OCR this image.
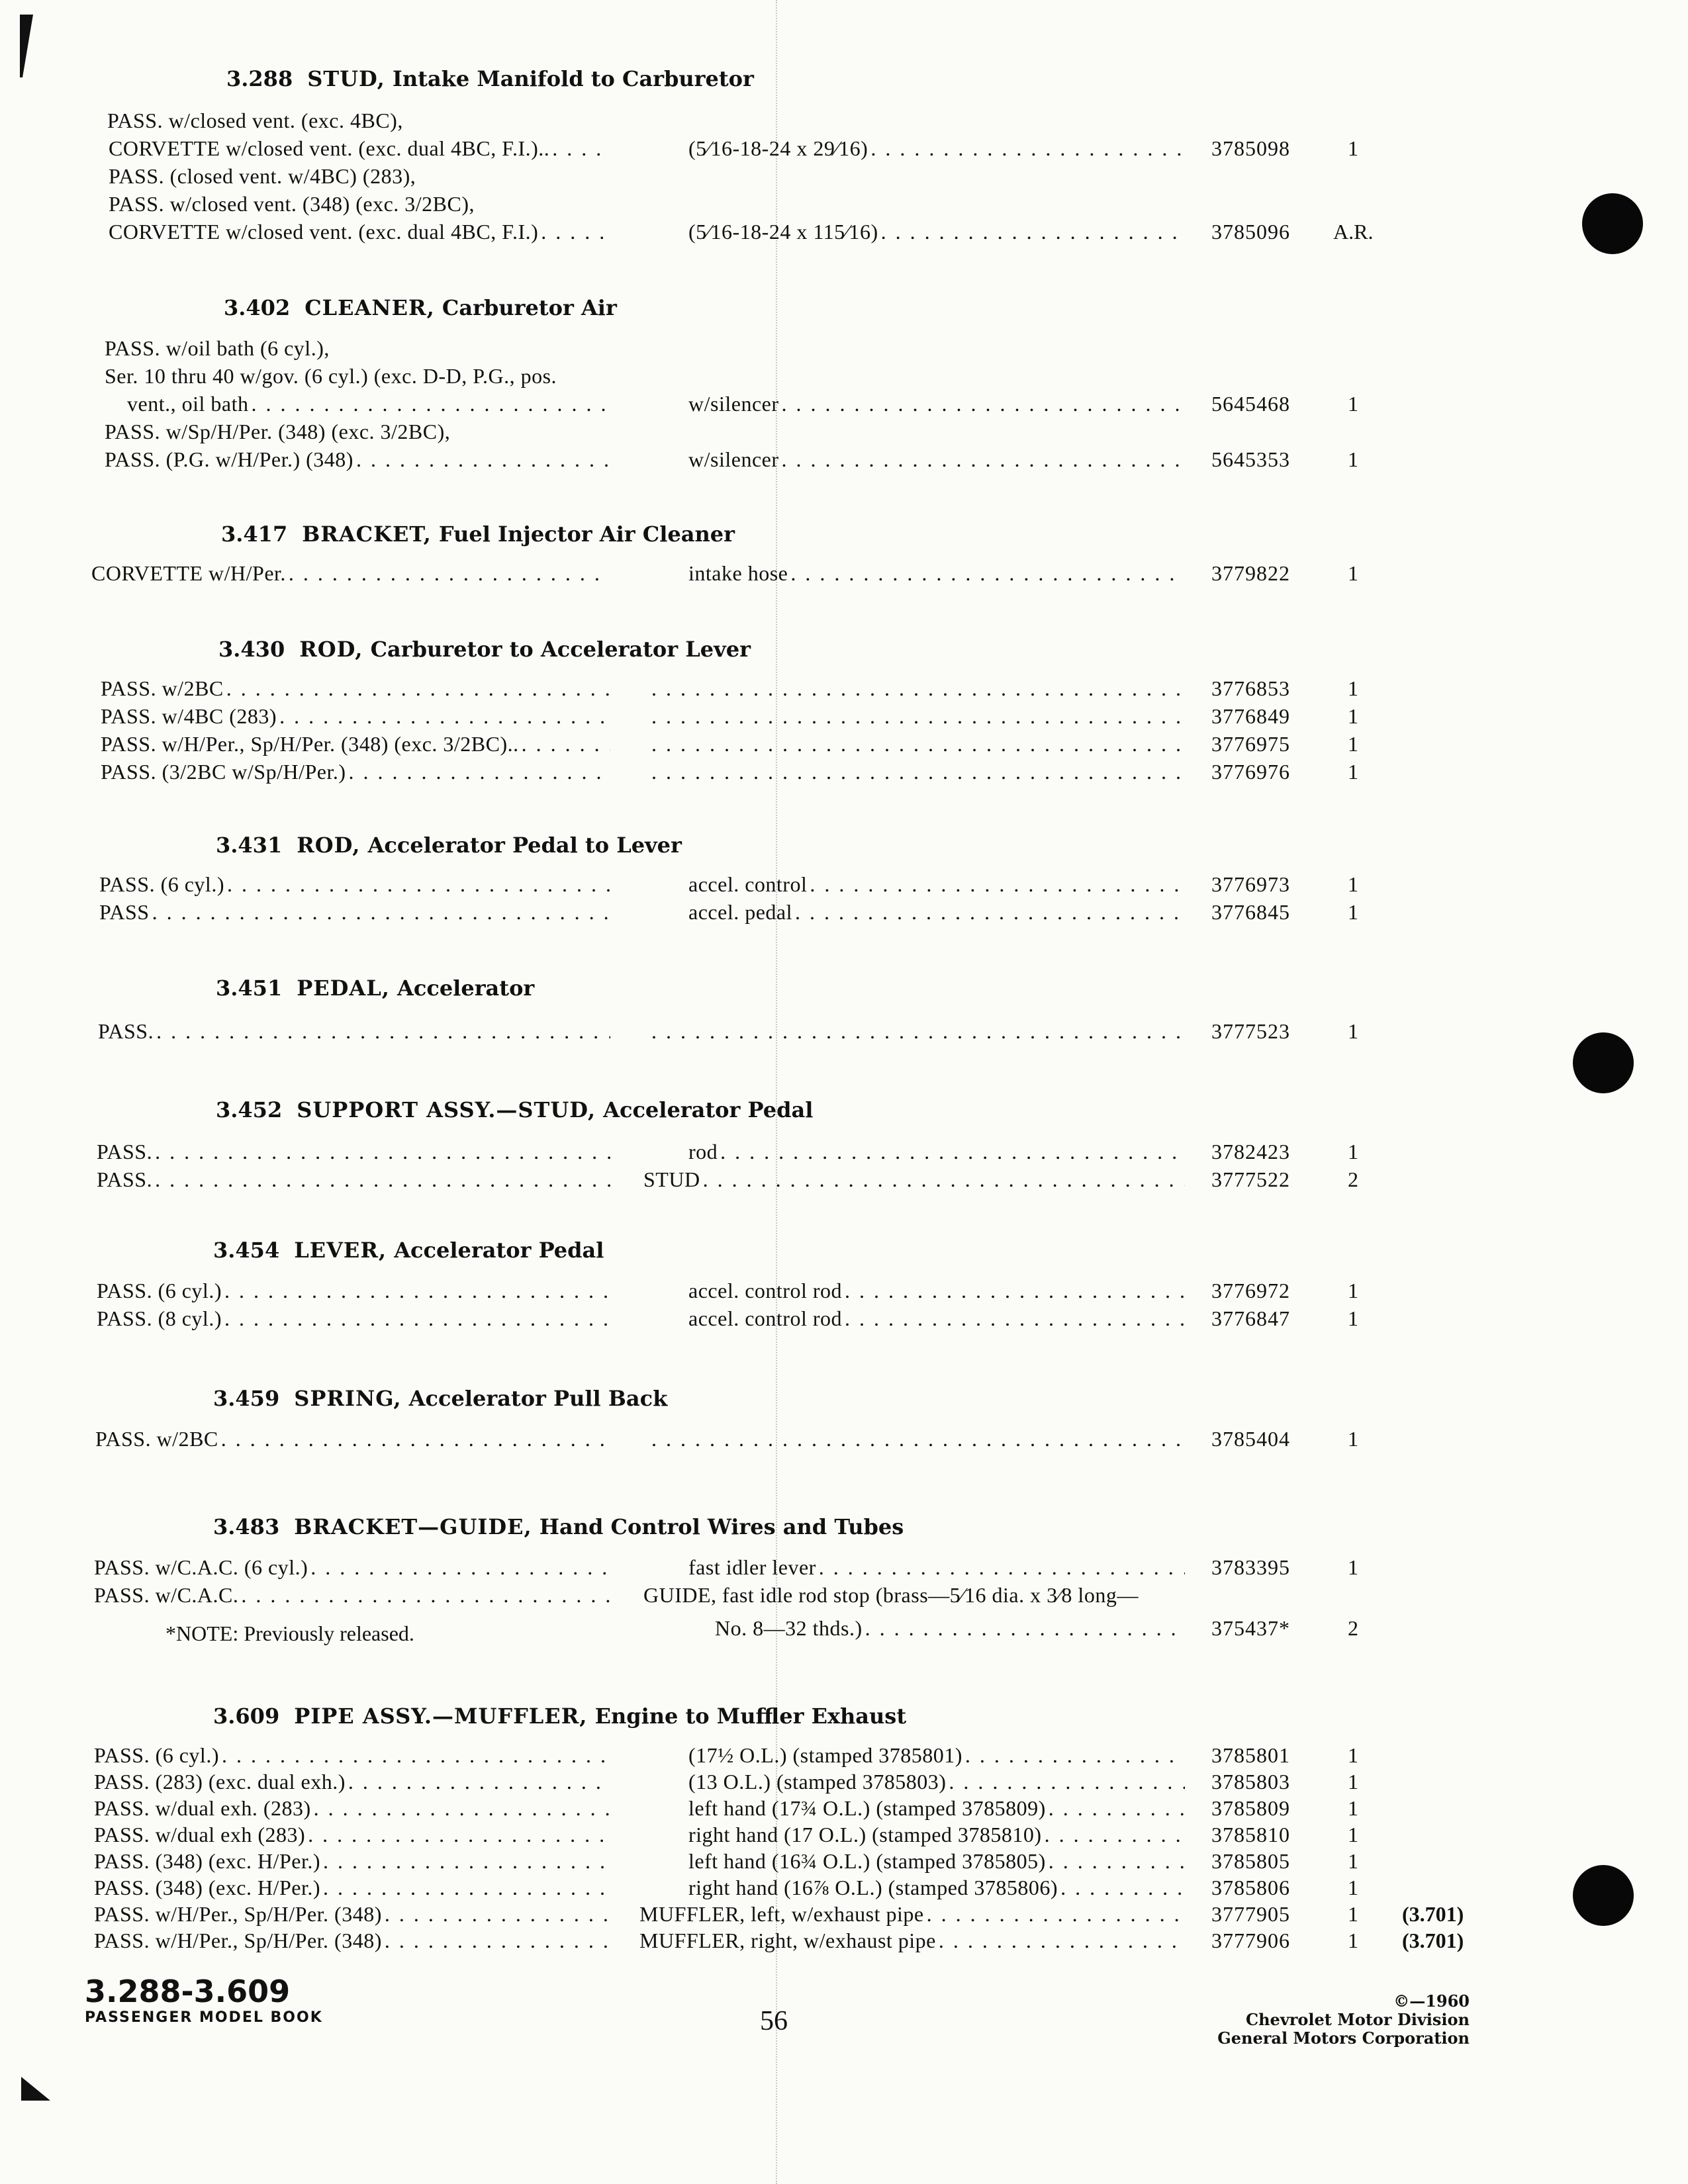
3.288 STUD, Intake Manifold to Carburetor
PASS. w/closed vent. (exc. 4BC),
CORVETTE w/closed vent. (exc. dual 4BC, F.I.).. . . .	(5⁄16-18-24 x 29⁄16) . . .	3785098	1
PASS. (closed vent. w/4BC) (283),
PASS. w/closed vent. (348) (exc. 3/2BC),
CORVETTE w/closed vent. (exc. dual 4BC, F.I.) . . .	(5⁄16-18-24 x 115⁄16) . . .	3785096 A.R.
3.402 CLEANER, Carburetor Air
PASS. w/oil bath (6 cyl.),
Ser. 10 thru 40 w/gov. (6 cyl.) (exc. D-D, P.G., pos.
vent., oil bath . . .	w/silencer . . .	5645468	1
PASS. w/Sp/H/Per. (348) (exc. 3/2BC),
PASS. (P.G. w/H/Per.) (348) . . .	w/silencer . . .	5645353	1
3.417 BRACKET, Fuel Injector Air Cleaner
CORVETTE w/H/Per. . . .	intake hose . . .	3779822	1
3.430 ROD, Carburetor to Accelerator Lever
PASS. w/2BC . . . . . .	3776853	1
PASS. w/4BC (283) . . . . . .	3776849	1
PASS. w/H/Per., Sp/H/Per. (348) (exc. 3/2BC).. . . . . . .	3776975	1
PASS. (3/2BC w/Sp/H/Per.) . . . . . .	3776976	1
3.431 ROD, Accelerator Pedal to Lever
PASS. (6 cyl.) . . .	accel. control . . .	3776973	1
PASS . . .	accel. pedal . . .	3776845	1
3.451 PEDAL, Accelerator
PASS. . . . . . .	3777523	1
3.452 SUPPORT ASSY.—STUD, Accelerator Pedal
PASS. . . .	rod . . .	3782423	1
PASS. . . .	STUD . . .	3777522	2
3.454 LEVER, Accelerator Pedal
PASS. (6 cyl.) . . .	accel. control rod . . .	3776972	1
PASS. (8 cyl.) . . .	accel. control rod . . .	3776847	1
3.459 SPRING, Accelerator Pull Back
PASS. w/2BC . . . . . .	3785404	1
3.483 BRACKET—GUIDE, Hand Control Wires and Tubes
PASS. w/C.A.C. (6 cyl.) . . .	fast idler lever . . .	3783395	1
PASS. w/C.A.C. . . .	GUIDE, fast idle rod stop (brass—5⁄16 dia. x 3⁄8 long—
No. 8—32 thds.) . . .	375437*	2
*NOTE: Previously released.
3.609 PIPE ASSY.—MUFFLER, Engine to Muffler Exhaust
PASS. (6 cyl.) . . .	(17½ O.L.) (stamped 3785801) . . .	3785801	1
PASS. (283) (exc. dual exh.) . . .	(13 O.L.) (stamped 3785803) . . .	3785803	1
PASS. w/dual exh. (283) . . .	left hand (17¾ O.L.) (stamped 3785809) . . .	3785809	1
PASS. w/dual exh (283) . . .	right hand (17 O.L.) (stamped 3785810) . . .	3785810	1
PASS. (348) (exc. H/Per.) . . .	left hand (16¾ O.L.) (stamped 3785805) . . .	3785805	1
PASS. (348) (exc. H/Per.) . . .	right hand (16⅞ O.L.) (stamped 3785806) . . .	3785806	1
PASS. w/H/Per., Sp/H/Per. (348) . . .	MUFFLER, left, w/exhaust pipe . . .	3777905	1 (3.701)
PASS. w/H/Per., Sp/H/Per. (348) . . .	MUFFLER, right, w/exhaust pipe . . .	3777906	1 (3.701)
3.288-3.609
PASSENGER MODEL BOOK	56
©—1960
Chevrolet Motor Division
General Motors Corporation
